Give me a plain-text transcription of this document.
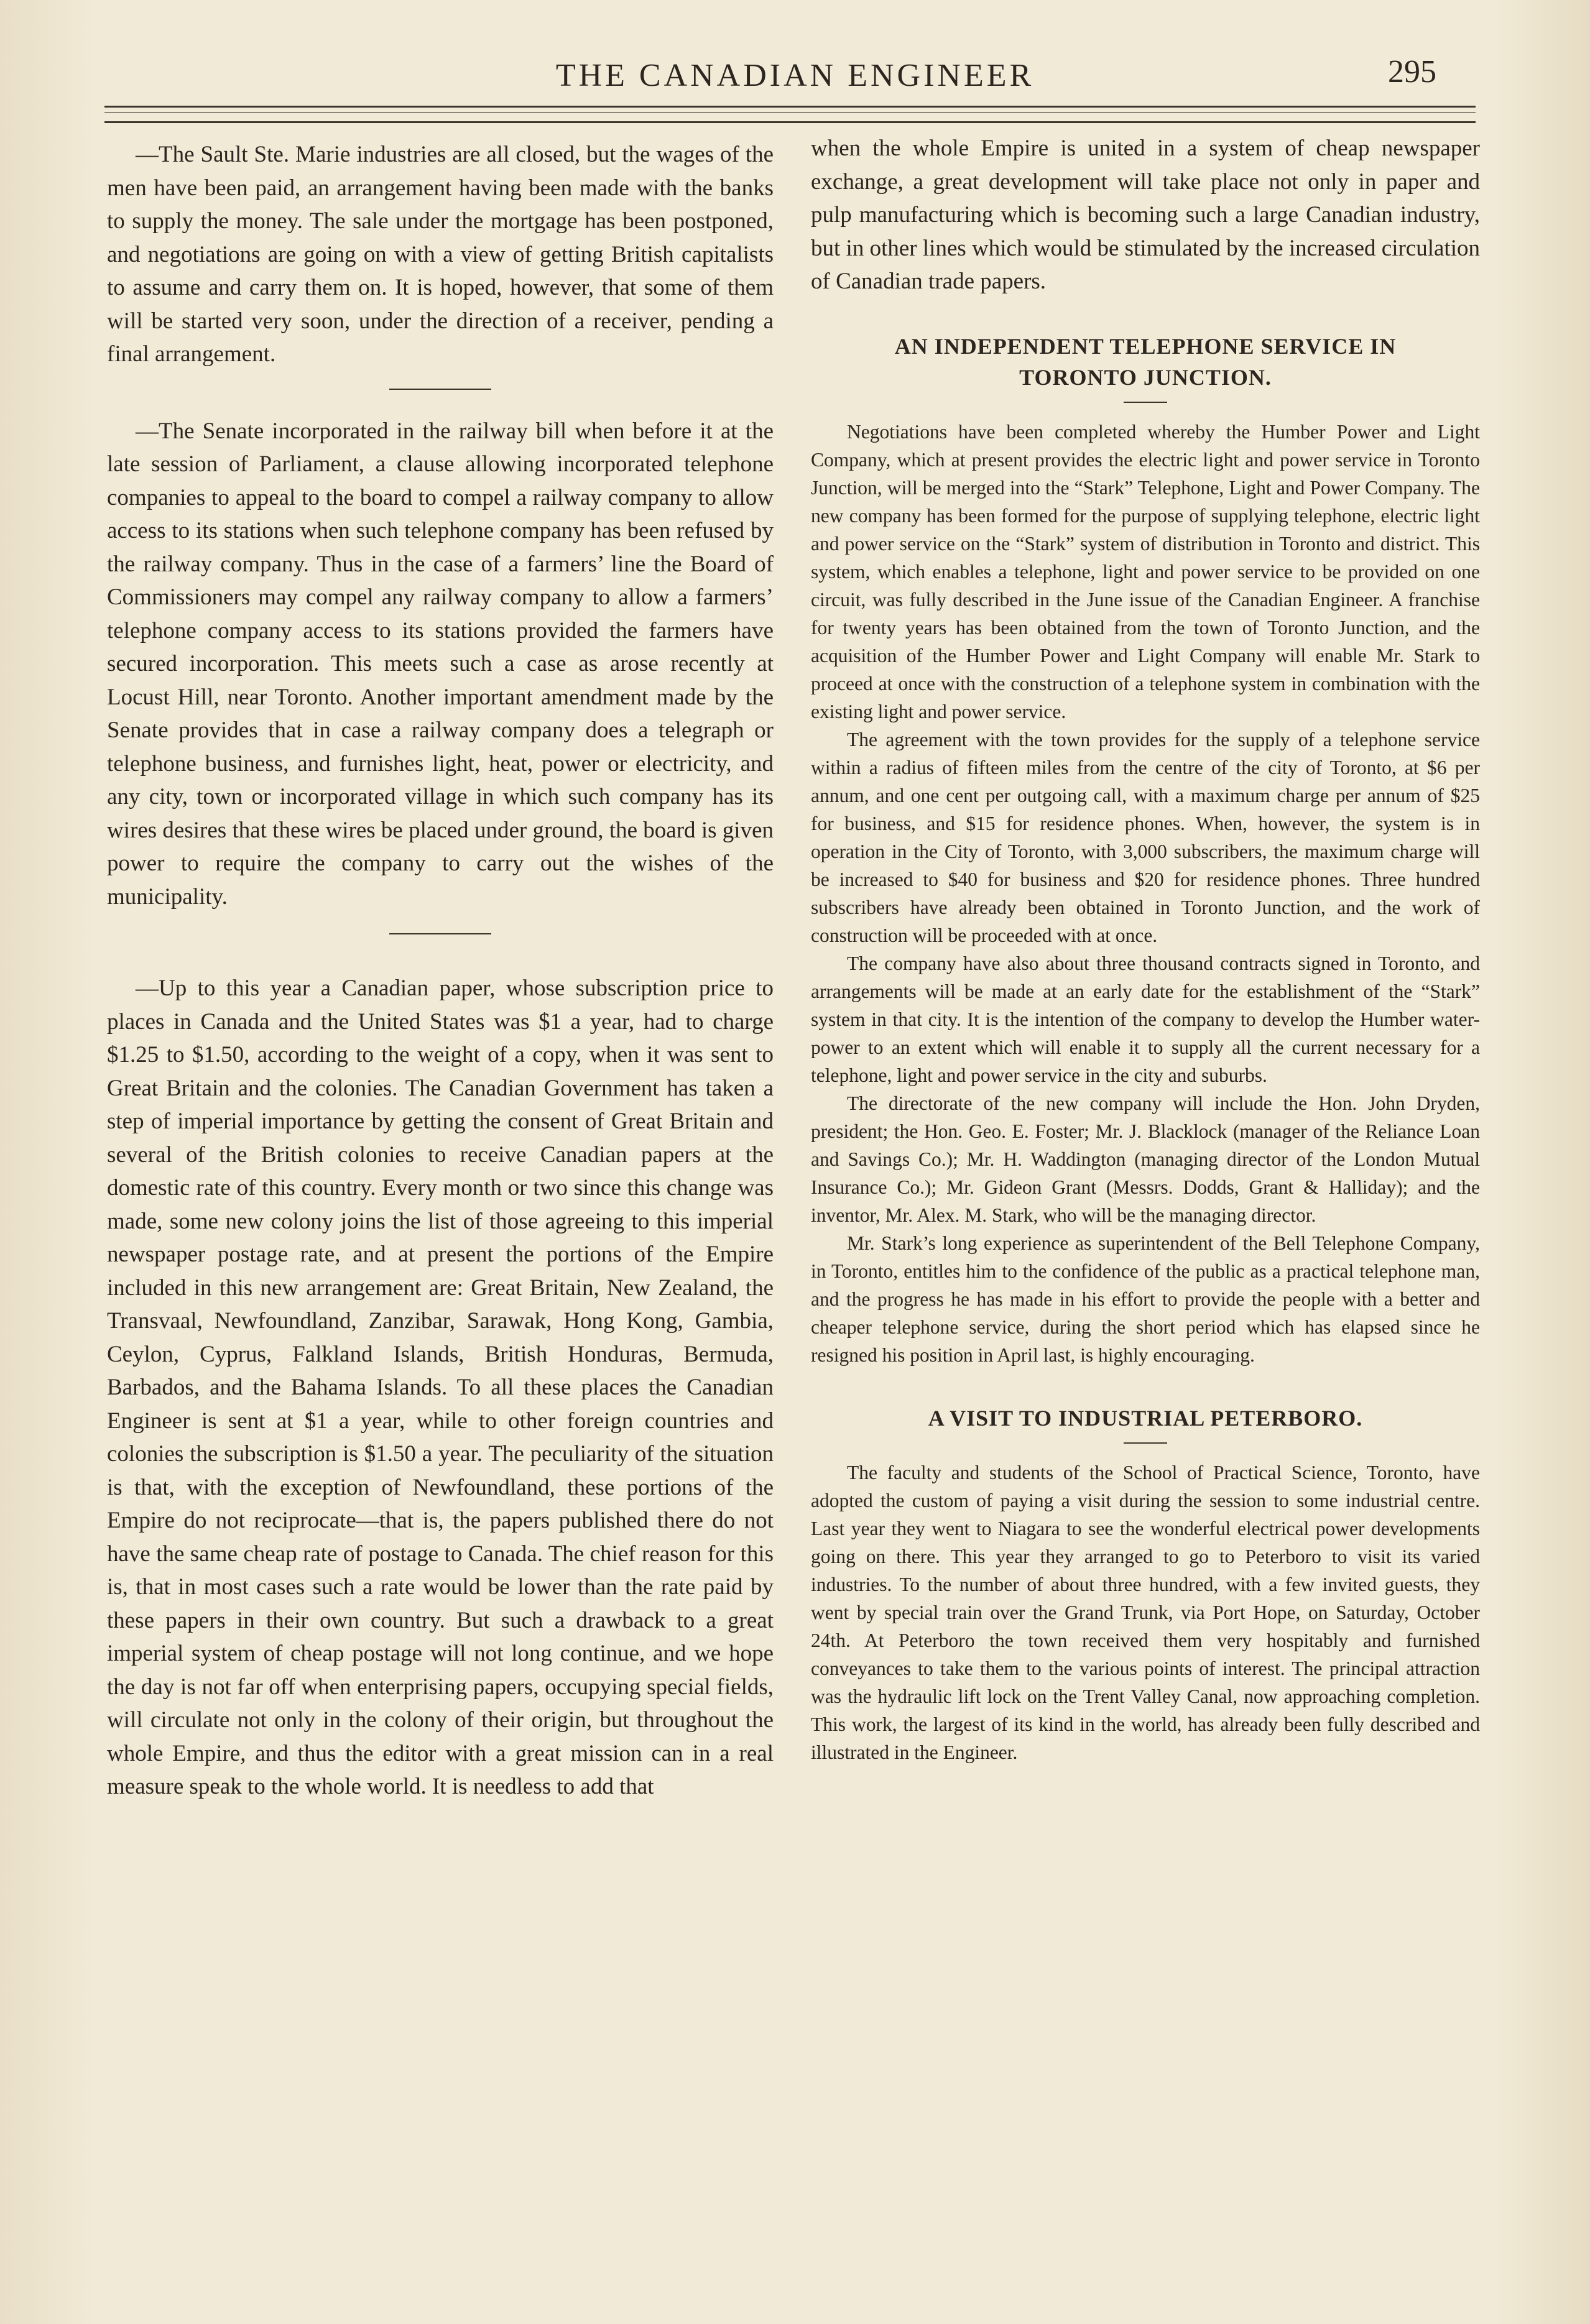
THE CANADIAN ENGINEER	295

—The Sault Ste. Marie industries are all closed, but the wages of the men have been paid, an arrangement having been made with the banks to supply the money. The sale under the mortgage has been postponed, and negotiations are going on with a view of getting British capitalists to assume and carry them on. It is hoped, however, that some of them will be started very soon, under the direction of a receiver, pending a final arrangement.

—The Senate incorporated in the railway bill when before it at the late session of Parliament, a clause allowing incorporated telephone companies to appeal to the board to compel a railway company to allow access to its stations when such telephone company has been refused by the railway company. Thus in the case of a farmers’ line the Board of Commissioners may compel any railway company to allow a farmers’ telephone company access to its stations provided the farmers have secured incorporation. This meets such a case as arose recently at Locust Hill, near Toronto. Another important amendment made by the Senate provides that in case a railway company does a telegraph or telephone business, and furnishes light, heat, power or electricity, and any city, town or incorporated village in which such company has its wires desires that these wires be placed under ground, the board is given power to require the company to carry out the wishes of the municipality.

—Up to this year a Canadian paper, whose subscription price to places in Canada and the United States was $1 a year, had to charge $1.25 to $1.50, according to the weight of a copy, when it was sent to Great Britain and the colonies. The Canadian Government has taken a step of imperial importance by getting the consent of Great Britain and several of the British colonies to receive Canadian papers at the domestic rate of this country. Every month or two since this change was made, some new colony joins the list of those agreeing to this imperial newspaper postage rate, and at present the portions of the Empire included in this new arrangement are: Great Britain, New Zealand, the Transvaal, Newfoundland, Zanzibar, Sarawak, Hong Kong, Gambia, Ceylon, Cyprus, Falkland Islands, British Honduras, Bermuda, Barbados, and the Bahama Islands. To all these places the Canadian Engineer is sent at $1 a year, while to other foreign countries and colonies the subscription is $1.50 a year. The peculiarity of the situation is that, with the exception of Newfoundland, these portions of the Empire do not reciprocate—that is, the papers published there do not have the same cheap rate of postage to Canada. The chief reason for this is, that in most cases such a rate would be lower than the rate paid by these papers in their own country. But such a drawback to a great imperial system of cheap postage will not long continue, and we hope the day is not far off when enterprising papers, occupying special fields, will circulate not only in the colony of their origin, but throughout the whole Empire, and thus the editor with a great mission can in a real measure speak to the whole world. It is needless to add that

when the whole Empire is united in a system of cheap newspaper exchange, a great development will take place not only in paper and pulp manufacturing which is becoming such a large Canadian industry, but in other lines which would be stimulated by the increased circulation of Canadian trade papers.

AN INDEPENDENT TELEPHONE SERVICE IN
TORONTO JUNCTION.

Negotiations have been completed whereby the Humber Power and Light Company, which at present provides the electric light and power service in Toronto Junction, will be merged into the “Stark” Telephone, Light and Power Company. The new company has been formed for the purpose of supplying telephone, electric light and power service on the “Stark” system of distribution in Toronto and district. This system, which enables a telephone, light and power service to be provided on one circuit, was fully described in the June issue of the Canadian Engineer. A franchise for twenty years has been obtained from the town of Toronto Junction, and the acquisition of the Humber Power and Light Company will enable Mr. Stark to proceed at once with the construction of a telephone system in combination with the existing light and power service.

The agreement with the town provides for the supply of a telephone service within a radius of fifteen miles from the centre of the city of Toronto, at $6 per annum, and one cent per outgoing call, with a maximum charge per annum of $25 for business, and $15 for residence phones. When, however, the system is in operation in the City of Toronto, with 3,000 subscribers, the maximum charge will be increased to $40 for business and $20 for residence phones. Three hundred subscribers have already been obtained in Toronto Junction, and the work of construction will be proceeded with at once.

The company have also about three thousand contracts signed in Toronto, and arrangements will be made at an early date for the establishment of the “Stark” system in that city. It is the intention of the company to develop the Humber water-power to an extent which will enable it to supply all the current necessary for a telephone, light and power service in the city and suburbs.

The directorate of the new company will include the Hon. John Dryden, president; the Hon. Geo. E. Foster; Mr. J. Blacklock (manager of the Reliance Loan and Savings Co.); Mr. H. Waddington (managing director of the London Mutual Insurance Co.); Mr. Gideon Grant (Messrs. Dodds, Grant & Halliday); and the inventor, Mr. Alex. M. Stark, who will be the managing director.

Mr. Stark’s long experience as superintendent of the Bell Telephone Company, in Toronto, entitles him to the confidence of the public as a practical telephone man, and the progress he has made in his effort to provide the people with a better and cheaper telephone service, during the short period which has elapsed since he resigned his position in April last, is highly encouraging.

A VISIT TO INDUSTRIAL PETERBORO.

The faculty and students of the School of Practical Science, Toronto, have adopted the custom of paying a visit during the session to some industrial centre. Last year they went to Niagara to see the wonderful electrical power developments going on there. This year they arranged to go to Peterboro to visit its varied industries. To the number of about three hundred, with a few invited guests, they went by special train over the Grand Trunk, via Port Hope, on Saturday, October 24th. At Peterboro the town received them very hospitably and furnished conveyances to take them to the various points of interest. The principal attraction was the hydraulic lift lock on the Trent Valley Canal, now approaching completion. This work, the largest of its kind in the world, has already been fully described and illustrated in the Engineer.
